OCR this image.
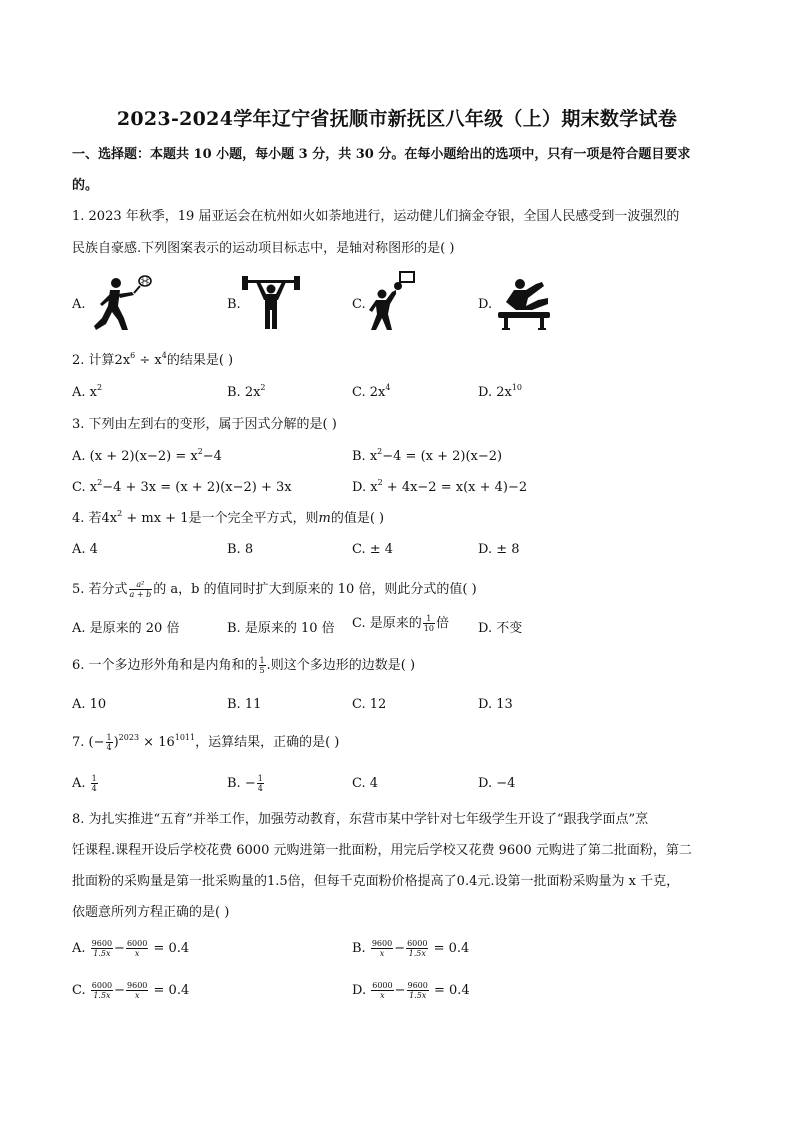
2023-2024学年辽宁省抚顺市新抚区八年级（上）期末数学试卷
一、选择题：本题共 10 小题，每小题 3 分，共 30 分。在每小题给出的选项中，只有一项是符合题目要求
的。
1. 2023 年秋季，19 届亚运会在杭州如火如荼地进行，运动健儿们摘金夺银，全国人民感受到一波强烈的
民族自豪感.下列图案表示的运动项目标志中，是轴对称图形的是( )
A.	B.	C.	D.
2. 计算$2x^6 \div x^4$的结果是( )
A. $x^2$	B. $2x^2$	C. $2x^4$	D. $2x^{10}$
3. 下列由左到右的变形，属于因式分解的是( )
A. $(x + 2)(x-2) = x^2-4$	B. $x^2-4 = (x + 2)(x-2)$
C. $x^2-4 + 3x = (x + 2)(x-2) + 3x$	D. $x^2 + 4x-2 = x(x + 4)-2$
4. 若$4x^2$ + mx + 1是一个完全平方式，则m的值是( )
A. 4	B. 8	C. ± 4	D. ± 8
5. 若分式 $\frac{\text{a²}}{a + b}$ 的 a，b 的值同时扩大到原来的 10 倍，则此分式的值( )
A. 是原来的 20 倍	B. 是原来的 10 倍 C. 是原来的 $\frac{1}{10}$ 倍 D. 不变
6. 一个多边形外角和是内角和的 $\frac{1}{5}$ .则这个多边形的边数是( )
A. 10	B. 11	C. 12	D. 13
7. (− $\frac{1}{4} )^{2023} \times 16^{1011}$，运算结果，正确的是( )
A. $\frac{1}{4}$	B. − $\frac{1}{4}$	C. 4	D. −4
8. 为扎实推进“五育”并举工作，加强劳动教育，东营市某中学针对七年级学生开设了“跟我学面点”烹
饪课程.课程开设后学校花费 6000 元购进第一批面粉，用完后学校又花费 9600 元购进了第二批面粉，第二
批面粉的采购量是第一批采购量的1.5倍，但每千克面粉价格提高了0.4元.设第一批面粉采购量为 x 千克，
依题意所列方程正确的是( )
A. $\frac{9600}{1.5x} - \frac{6000}{x} = 0.4$	B. $\frac{9600}{x} - \frac{6000}{1.5x} = 0.4$
C. $\frac{6000}{1.5x} - \frac{9600}{x} = 0.4$	D. $\frac{6000}{x} - \frac{9600}{1.5x} = 0.4$
